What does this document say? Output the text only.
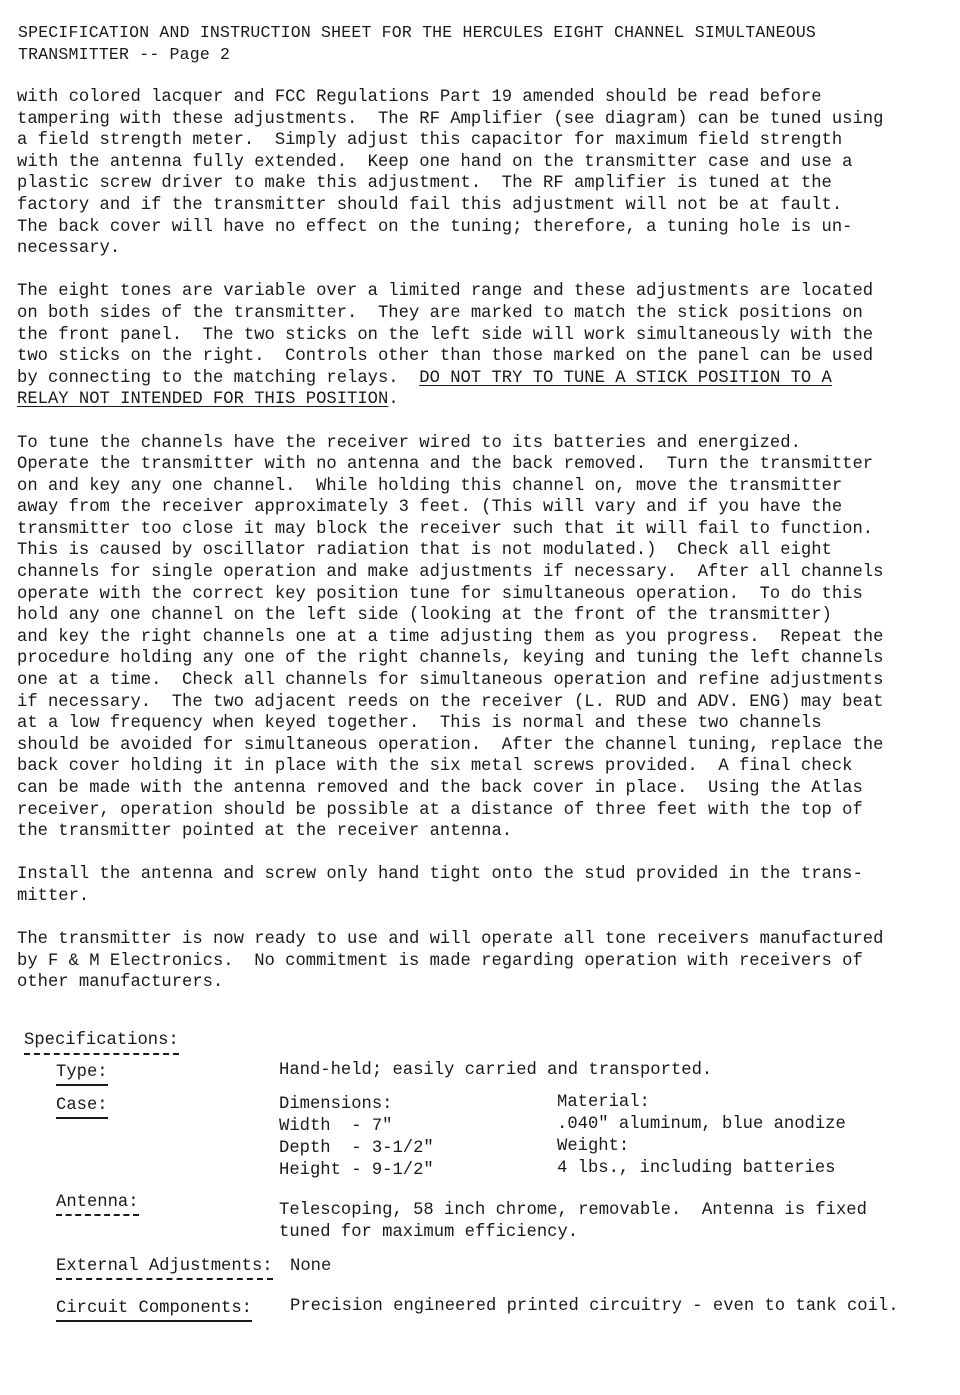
SPECIFICATION AND INSTRUCTION SHEET FOR THE HERCULES EIGHT CHANNEL SIMULTANEOUS
TRANSMITTER -- Page 2

with colored lacquer and FCC Regulations Part 19 amended should be read before
tampering with these adjustments.  The RF Amplifier (see diagram) can be tuned using
a field strength meter.  Simply adjust this capacitor for maximum field strength
with the antenna fully extended.  Keep one hand on the transmitter case and use a
plastic screw driver to make this adjustment.  The RF amplifier is tuned at the
factory and if the transmitter should fail this adjustment will not be at fault.
The back cover will have no effect on the tuning; therefore, a tuning hole is un-
necessary.

The eight tones are variable over a limited range and these adjustments are located
on both sides of the transmitter.  They are marked to match the stick positions on
the front panel.  The two sticks on the left side will work simultaneously with the
two sticks on the right.  Controls other than those marked on the panel can be used
by connecting to the matching relays.  DO NOT TRY TO TUNE A STICK POSITION TO A
RELAY NOT INTENDED FOR THIS POSITION.

To tune the channels have the receiver wired to its batteries and energized.
Operate the transmitter with no antenna and the back removed.  Turn the transmitter
on and key any one channel.  While holding this channel on, move the transmitter
away from the receiver approximately 3 feet. (This will vary and if you have the
transmitter too close it may block the receiver such that it will fail to function.
This is caused by oscillator radiation that is not modulated.)  Check all eight
channels for single operation and make adjustments if necessary.  After all channels
operate with the correct key position tune for simultaneous operation.  To do this
hold any one channel on the left side (looking at the front of the transmitter)
and key the right channels one at a time adjusting them as you progress.  Repeat the
procedure holding any one of the right channels, keying and tuning the left channels
one at a time.  Check all channels for simultaneous operation and refine adjustments
if necessary.  The two adjacent reeds on the receiver (L. RUD and ADV. ENG) may beat
at a low frequency when keyed together.  This is normal and these two channels
should be avoided for simultaneous operation.  After the channel tuning, replace the
back cover holding it in place with the six metal screws provided.  A final check
can be made with the antenna removed and the back cover in place.  Using the Atlas
receiver, operation should be possible at a distance of three feet with the top of
the transmitter pointed at the receiver antenna.

Install the antenna and screw only hand tight onto the stud provided in the trans-
mitter.

The transmitter is now ready to use and will operate all tone receivers manufactured
by F & M Electronics.  No commitment is made regarding operation with receivers of
other manufacturers.

Specifications:
Type:	Hand-held; easily carried and transported.
Case:	Dimensions:
Width  - 7"
Depth  - 3-1/2"
Height - 9-1/2"
Material:
.040" aluminum, blue anodize
Weight:
4 lbs., including batteries
Antenna:	Telescoping, 58 inch chrome, removable.  Antenna is fixed
tuned for maximum efficiency.
External Adjustments: None
Circuit Components: Precision engineered printed circuitry - even to tank coil.
